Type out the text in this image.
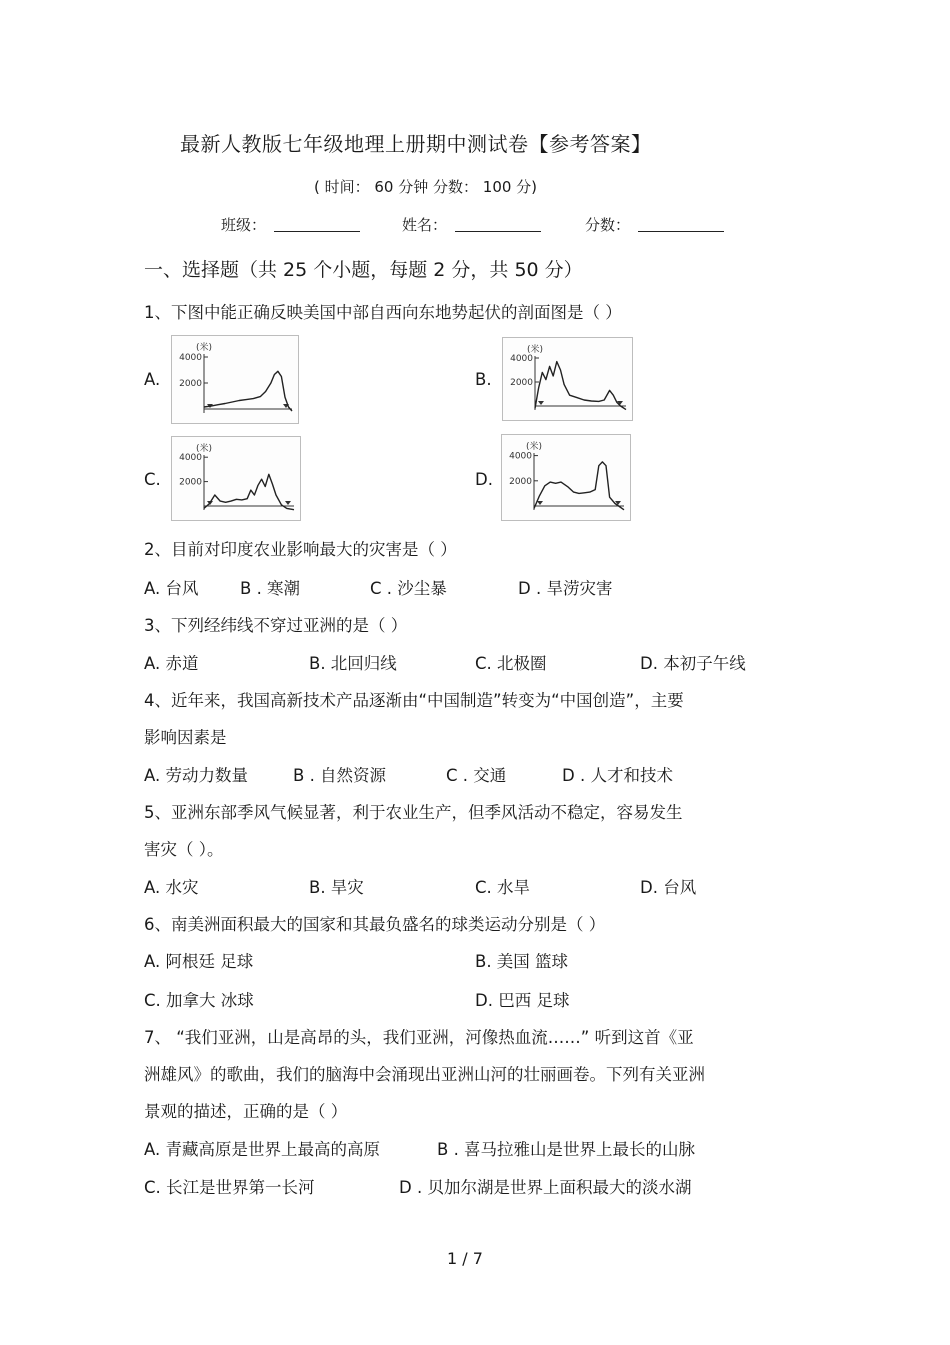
最新人教版七年级地理上册期中测试卷【参考答案】
( 时间： 60 分钟 分数： 100 分)
班级：	姓名：	分数：
一、选择题（共 25 个小题，每题 2 分，共 50 分）
1、下图中能正确反映美国中部自西向东地势起伏的剖面图是（ ）
A.	B.
C.	D.
(米)
4000
2000
(米)
4000
2000
(米)
4000
2000
(米)
4000
2000
2、目前对印度农业影响最大的灾害是（ ）
A. 台风	B . 寒潮	C . 沙尘暴	D . 旱涝灾害
3、下列经纬线不穿过亚洲的是（ ）
A. 赤道	B. 北回归线	C. 北极圈	D. 本初子午线
4、近年来，我国高新技术产品逐渐由“中国制造”转变为“中国创造”，主要
影响因素是
A. 劳动力数量	B . 自然资源	C . 交通	D . 人才和技术
5、亚洲东部季风气候显著，利于农业生产，但季风活动不稳定，容易发生
害灾（ ）。
A. 水灾	B. 旱灾	C. 水旱	D. 台风
6、南美洲面积最大的国家和其最负盛名的球类运动分别是（ ）
A. 阿根廷 足球	B. 美国 篮球
C. 加拿大 冰球	D. 巴西 足球
7、 “我们亚洲，山是高昂的头，我们亚洲，河像热血流……” 听到这首《亚
洲雄风》的歌曲，我们的脑海中会涌现出亚洲山河的壮丽画卷。下列有关亚洲
景观的描述，正确的是（ ）
A. 青藏高原是世界上最高的高原	B . 喜马拉雅山是世界上最长的山脉
C. 长江是世界第一长河	D . 贝加尔湖是世界上面积最大的淡水湖
1 / 7
